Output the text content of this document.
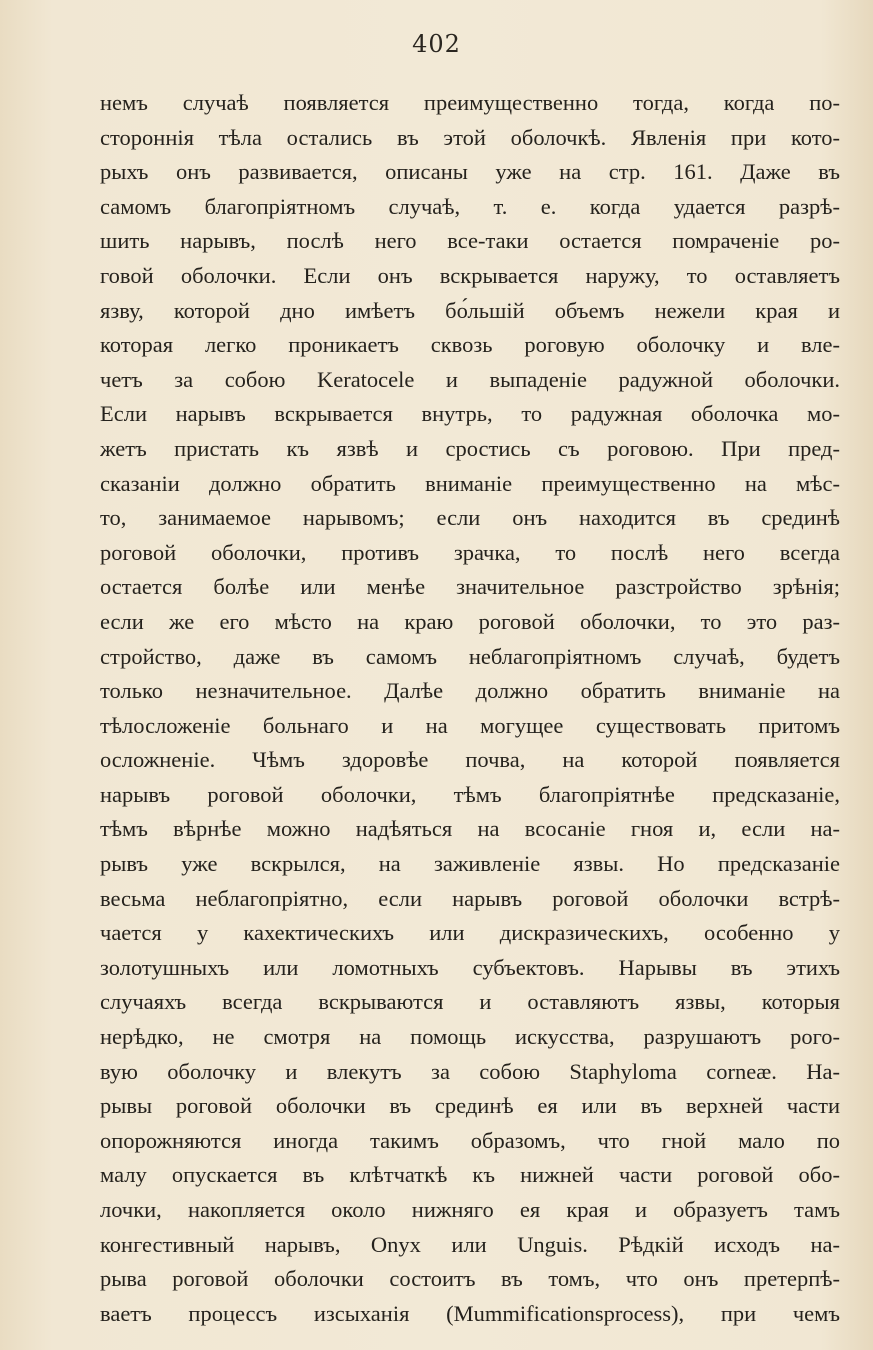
402
немъ случаѣ появляется преимущественно тогда, когда по-
стороннія тѣла остались въ этой оболочкѣ. Явленія при кото-
рыхъ онъ развивается, описаны уже на стр. 161. Даже въ
самомъ благопріятномъ случаѣ, т. е. когда удается разрѣ-
шить нарывъ, послѣ него все-таки остается помраченіе ро-
говой оболочки. Если онъ вскрывается наружу, то оставляетъ
язву, которой дно имѣетъ бо́льшій объемъ нежели края и
которая легко проникаетъ сквозь роговую оболочку и вле-
четъ за собою Keratocele и выпаденіе радужной оболочки.
Если нарывъ вскрывается внутрь, то радужная оболочка мо-
жетъ пристать къ язвѣ и сростись съ роговою. При пред-
сказаніи должно обратить вниманіе преимущественно на мѣс-
то, занимаемое нарывомъ; если онъ находится въ срединѣ
роговой оболочки, противъ зрачка, то послѣ него всегда
остается болѣе или менѣе значительное разстройство зрѣнія;
если же его мѣсто на краю роговой оболочки, то это раз-
стройство, даже въ самомъ неблагопріятномъ случаѣ, будетъ
только незначительное. Далѣе должно обратить вниманіе на
тѣлосложеніе больнаго и на могущее существовать притомъ
осложненіе. Чѣмъ здоровѣе почва, на которой появляется
нарывъ роговой оболочки, тѣмъ благопріятнѣе предсказаніе,
тѣмъ вѣрнѣе можно надѣяться на всосаніе гноя и, если на-
рывъ уже вскрылся, на заживленіе язвы. Но предсказаніе
весьма неблагопріятно, если нарывъ роговой оболочки встрѣ-
чается у кахектическихъ или дискразическихъ, особенно у
золотушныхъ или ломотныхъ субъектовъ. Нарывы въ этихъ
случаяхъ всегда вскрываются и оставляютъ язвы, которыя
нерѣдко, не смотря на помощь искусства, разрушаютъ рого-
вую оболочку и влекутъ за собою Staphyloma corneæ. На-
рывы роговой оболочки въ срединѣ ея или въ верхней части
опорожняются иногда такимъ образомъ, что гной мало по
малу опускается въ клѣтчаткѣ къ нижней части роговой обо-
лочки, накопляется около нижняго ея края и образуетъ тамъ
конгестивный нарывъ, Onyx или Unguis. Рѣдкій исходъ на-
рыва роговой оболочки состоитъ въ томъ, что онъ претерпѣ-
ваетъ процессъ изсыханія (Mummificationsprocess), при чемъ
